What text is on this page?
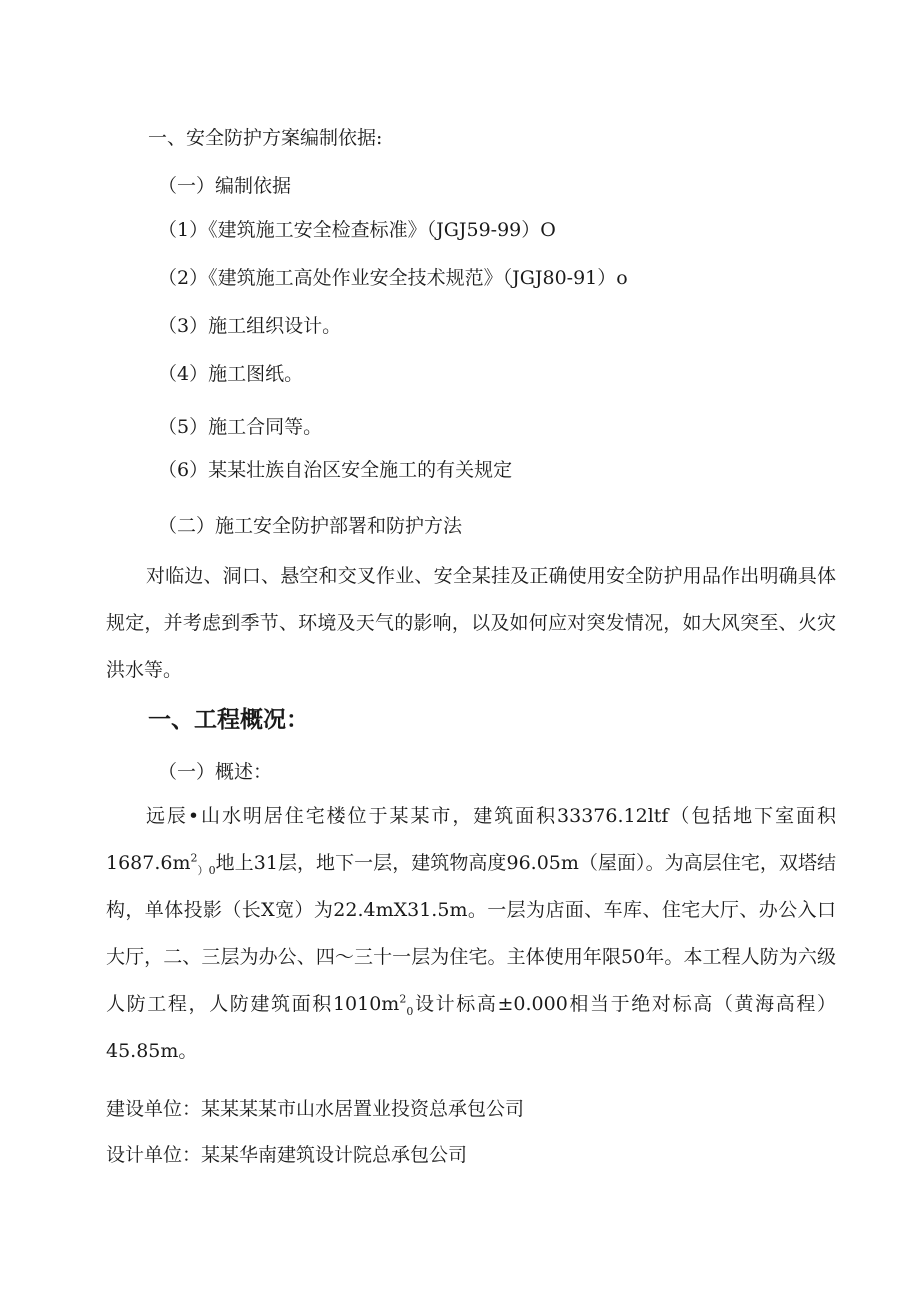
一、安全防护方案编制依据:
（一）编制依据
（1）《建筑施工安全检查标准》（JGJ59-99）O
（2）《建筑施工高处作业安全技术规范》（JGJ80-91）o
（3）施工组织设计。
（4）施工图纸。
（5）施工合同等。
（6）某某壮族自治区安全施工的有关规定
（二）施工安全防护部署和防护方法
对临边、洞口、悬空和交叉作业、安全某挂及正确使用安全防护用品作出明确具体规定，并考虑到季节、环境及天气的影响，以及如何应对突发情况，如大风突至、火灾洪水等。
一、工程概况：
（一）概述：
远辰•山水明居住宅楼位于某某市，建筑面积33376.12ltf（包括地下室面积$1687.6m^2_{)0}$地上31层，地下一层，建筑物高度96.05m（屋面）。为高层住宅，双塔结构，单体投影（长X宽）为22.4mX31.5m。一层为店面、车库、住宅大厅、办公入口大厅，二、三层为办公、四～三十一层为住宅。主体使用年限50年。本工程人防为六级人防工程，人防建筑面积$1010m^2_0$设计标高±0.000相当于绝对标高（黄海高程）45.85m。
建设单位：某某某某市山水居置业投资总承包公司
设计单位：某某华南建筑设计院总承包公司
